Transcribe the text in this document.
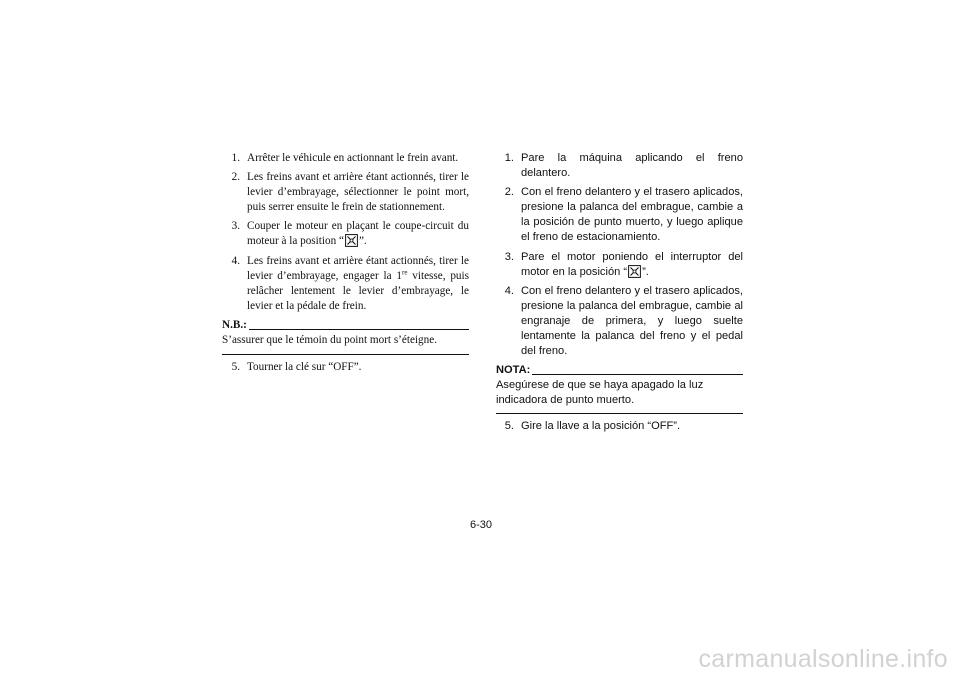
1 . Arrêter le véhicule en actionnant le frein avant.
2 . Les freins avant et arrière étant actionnés, tirer le levier d’embrayage, sélectionner le point mort, puis serrer ensuite le frein de stationnement.
3 . Couper le moteur en plaçant le coupe-circuit du moteur à la position “ ”.
4 . Les freins avant et arrière étant actionnés, tirer le levier d’embrayage, engager la 1re vitesse, puis relâcher lentement le levier d’embrayage, le levier et la pédale de frein.
N.B.:
S’assurer que le témoin du point mort s’éteigne.
5 . Tourner la clé sur “OFF”.
1 . Pare la máquina aplicando el freno delantero.
2 . Con el freno delantero y el trasero aplicados, presione la palanca del embrague, cambie a la posición de punto muerto, y luego aplique el freno de estacionamiento.
3 . Pare el motor poniendo el interruptor del motor en la posición “ ”.
4 . Con el freno delantero y el trasero aplicados, presione la palanca del embrague, cambie al engranaje de primera, y luego suelte lentamente la palanca del freno y el pedal del freno.
NOTA:
Asegúrese de que se haya apagado la luz indicadora de punto muerto.
5 . Gire la llave a la posición “OFF”.
6-30
carmanualsonline.info
